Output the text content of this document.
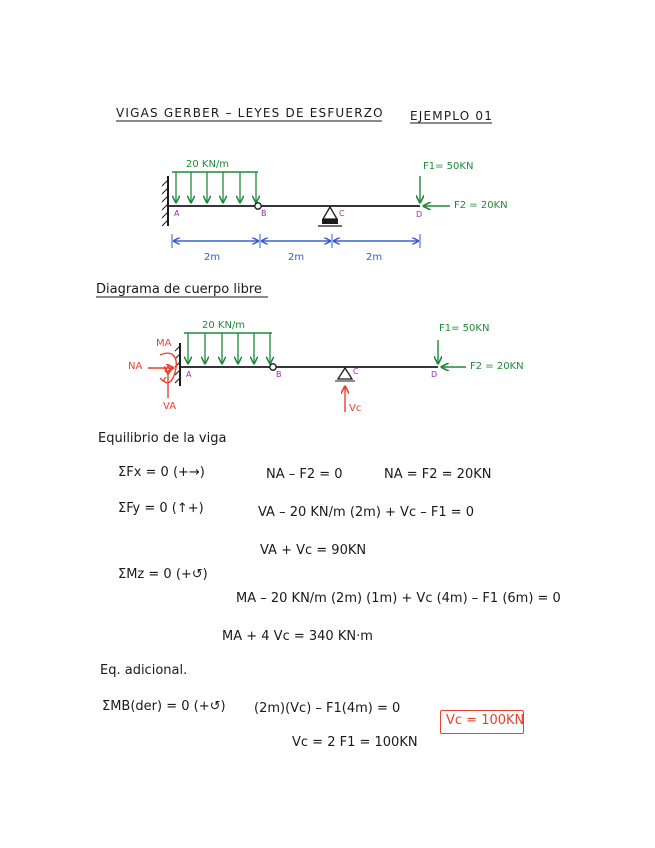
VIGAS GERBER – LEYES DE ESFUERZO EJEMPLO 01
20 KN/m	F1= 50KN
F2 = 20KN
A	B	C	D
2m	2m	2m
Diagrama de cuerpo libre
20 KN/m	F1= 50KN
F2 = 20KN
MA
NA
VA	Vc
A	B	C	D
Equilibrio de la viga
ΣFx = 0 (+→)	NA – F2 = 0	NA = F2 = 20KN
ΣFy = 0 (↑+)	VA – 20 KN/m (2m) + Vc – F1 = 0
VA + Vc = 90KN
ΣMz = 0 (+↺)
MA – 20 KN/m (2m) (1m) + Vc (4m) – F1 (6m) = 0
MA + 4 Vc = 340 KN·m
Eq. adicional.
ΣMB(der) = 0 (+↺) (2m)(Vc) – F1(4m) = 0
Vc = 2 F1 = 100KN
Vc = 100KN
